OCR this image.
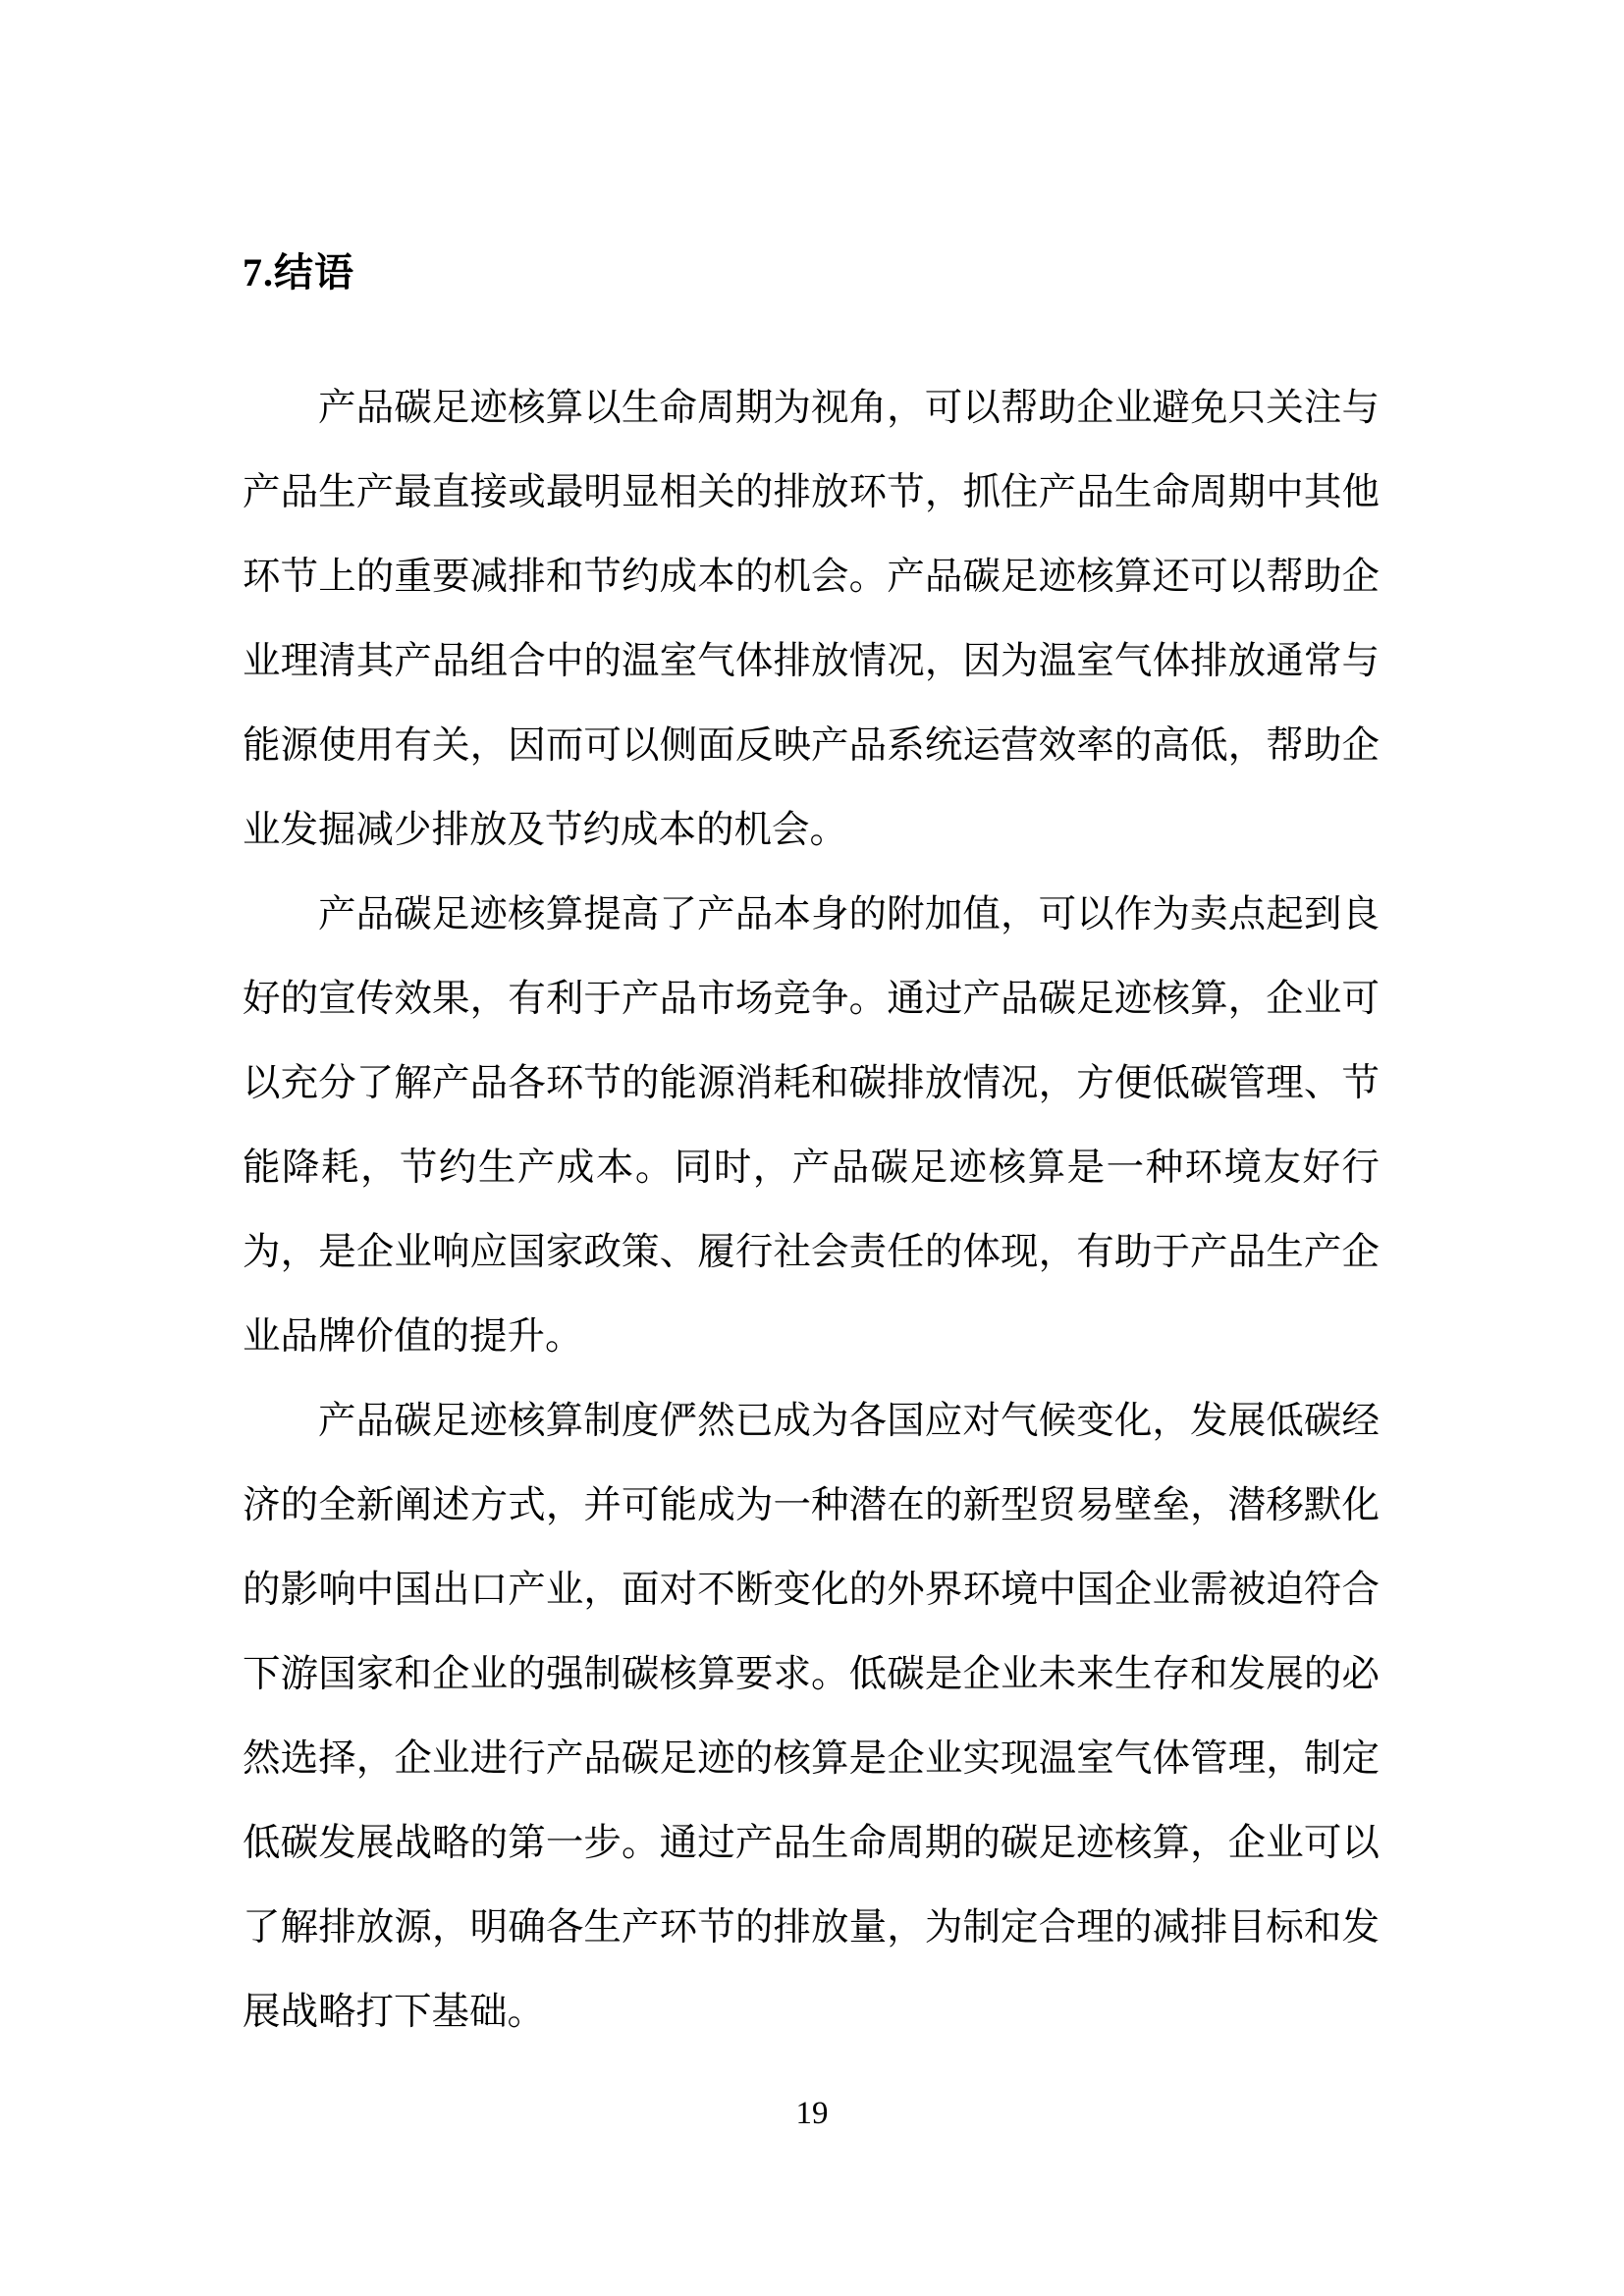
7.结语

产品碳足迹核算以生命周期为视角，可以帮助企业避免只关注与产品生产最直接或最明显相关的排放环节，抓住产品生命周期中其他环节上的重要减排和节约成本的机会。产品碳足迹核算还可以帮助企业理清其产品组合中的温室气体排放情况，因为温室气体排放通常与能源使用有关，因而可以侧面反映产品系统运营效率的高低，帮助企业发掘减少排放及节约成本的机会。

产品碳足迹核算提高了产品本身的附加值，可以作为卖点起到良好的宣传效果，有利于产品市场竞争。通过产品碳足迹核算，企业可以充分了解产品各环节的能源消耗和碳排放情况，方便低碳管理、节能降耗，节约生产成本。同时，产品碳足迹核算是一种环境友好行为，是企业响应国家政策、履行社会责任的体现，有助于产品生产企业品牌价值的提升。

产品碳足迹核算制度俨然已成为各国应对气候变化，发展低碳经济的全新阐述方式，并可能成为一种潜在的新型贸易壁垒，潜移默化的影响中国出口产业，面对不断变化的外界环境中国企业需被迫符合下游国家和企业的强制碳核算要求。低碳是企业未来生存和发展的必然选择，企业进行产品碳足迹的核算是企业实现温室气体管理，制定低碳发展战略的第一步。通过产品生命周期的碳足迹核算，企业可以了解排放源，明确各生产环节的排放量，为制定合理的减排目标和发展战略打下基础。

19
